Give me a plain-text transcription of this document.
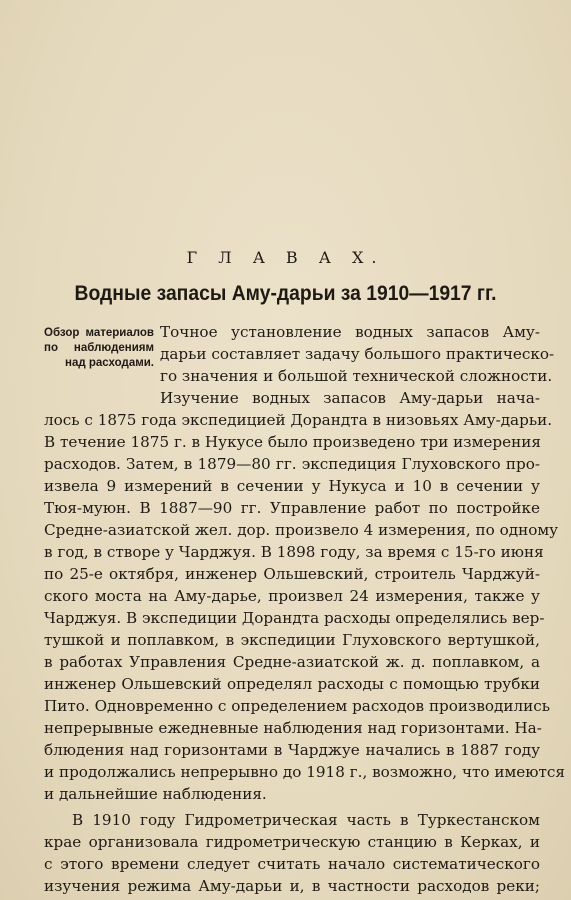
Г Л А В А X.
Водные запасы Аму-дарьи за 1910—1917 гг.
Обзор материалов по наблюдениям над расходами.
Точное установление водных запасов Аму-
дарьи составляет задачу большого практическо-
го значения и большой технической сложности.
Изучение водных запасов Аму-дарьи нача-
лось с 1875 года экспедицией Дорандта в низовьях Аму-дарьи.
В течение 1875 г. в Нукусе было произведено три измерения
расходов. Затем, в 1879—80 гг. экспедиция Глуховского про-
извела 9 измерений в сечении у Нукуса и 10 в сечении у
Тюя-муюн. В 1887—90 гг. Управление работ по постройке
Средне-азиатской жел. дор. произвело 4 измерения, по одному
в год, в створе у Чарджуя. В 1898 году, за время с 15-го июня
по 25-е октября, инженер Ольшевский, строитель Чарджуй-
ского моста на Аму-дарье, произвел 24 измерения, также у
Чарджуя. В экспедиции Дорандта расходы определялись вер-
тушкой и поплавком, в экспедиции Глуховского вертушкой,
в работах Управления Средне-азиатской ж. д. поплавком, а
инженер Ольшевский определял расходы с помощью трубки
Пито. Одновременно с определением расходов производились
непрерывные ежедневные наблюдения над горизонтами. На-
блюдения над горизонтами в Чарджуе начались в 1887 году
и продолжались непрерывно до 1918 г., возможно, что имеются
и дальнейшие наблюдения.
В 1910 году Гидрометрическая часть в Туркестанском
крае организовала гидрометрическую станцию в Керках, и
с этого времени следует считать начало систематического
изучения режима Аму-дарьи и, в частности расходов реки;
